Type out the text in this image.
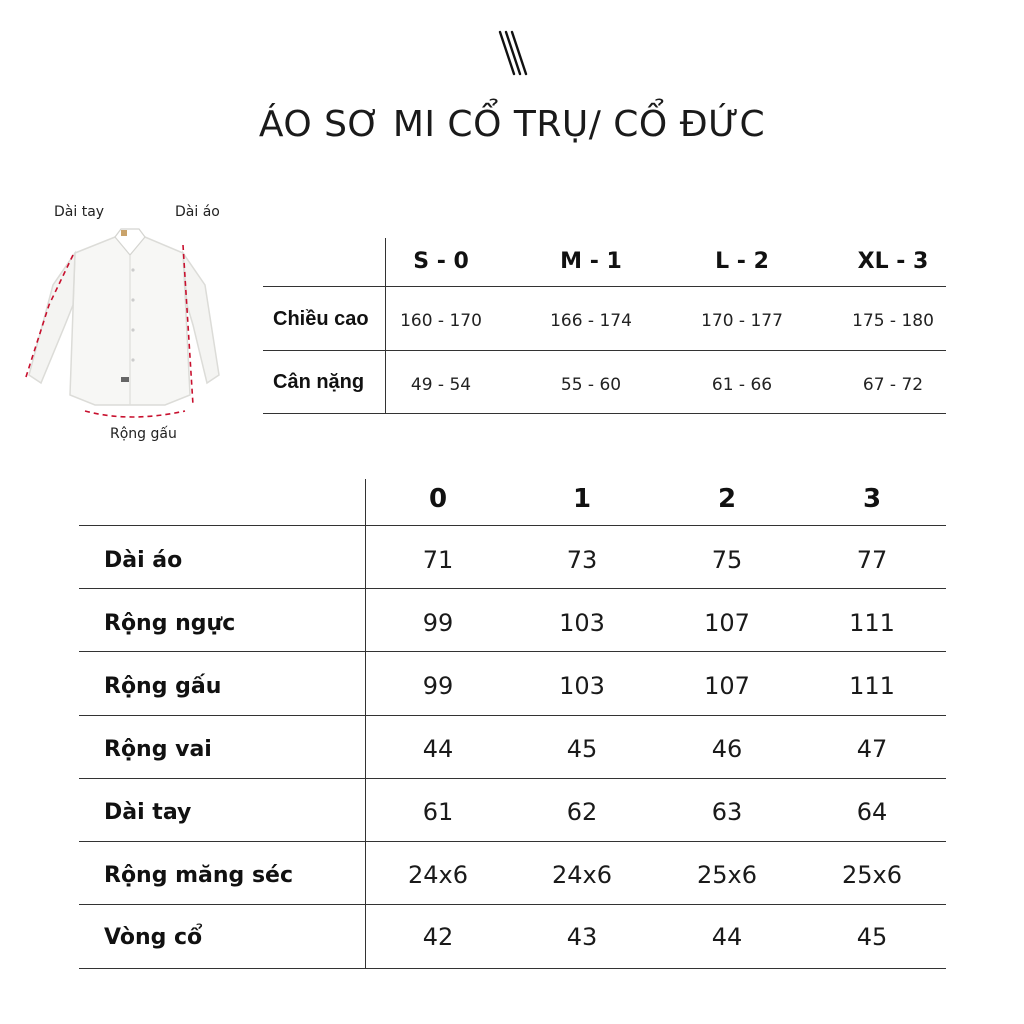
ÁO SƠ MI CỔ TRỤ/ CỔ ĐỨC
Dài tay	Dài áo
Rộng gấu
S - 0	M - 1	L - 2	XL - 3
Chiều cao	160 - 170	166 - 174	170 - 177	175 - 180
Cân nặng	49 - 54	55 - 60	61 - 66	67 - 72
0	1	2	3
Dài áo	71	73	75	77
Rộng ngực	99	103	107	111
Rộng gấu	99	103	107	111
Rộng vai	44	45	46	47
Dài tay	61	62	63	64
Rộng măng séc	24x6	24x6	25x6	25x6
Vòng cổ	42	43	44	45
